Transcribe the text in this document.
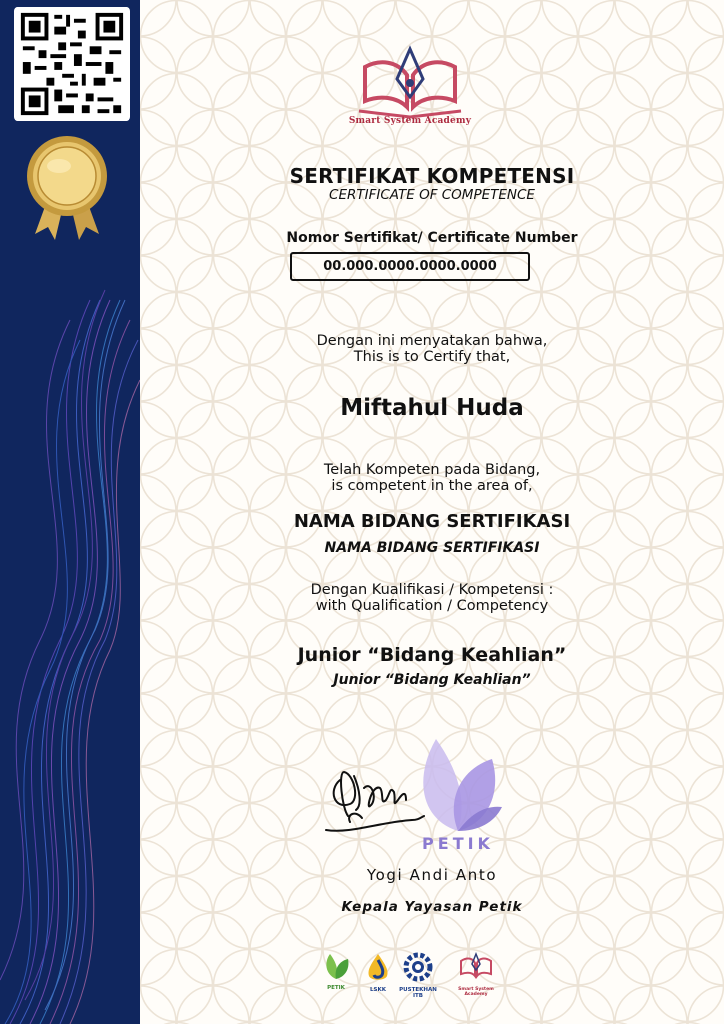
Smart System Academy
SERTIFIKAT KOMPETENSI
CERTIFICATE OF COMPETENCE
Nomor Sertifikat/ Certificate Number
00.000.0000.0000.0000
Dengan ini menyatakan bahwa,
This is to Certify that,
Miftahul Huda
Telah Kompeten pada Bidang,
is competent in the area of,
NAMA BIDANG SERTIFIKASI
NAMA BIDANG SERTIFIKASI
Dengan Kualifikasi / Kompetensi :
with Qualification / Competency
Junior “Bidang Keahlian”
Junior “Bidang Keahlian”
PETIK
Yogi Andi Anto
Kepala Yayasan Petik
PETIK	LSKK	PUSTEKHAN ITB
Smart System Academy
